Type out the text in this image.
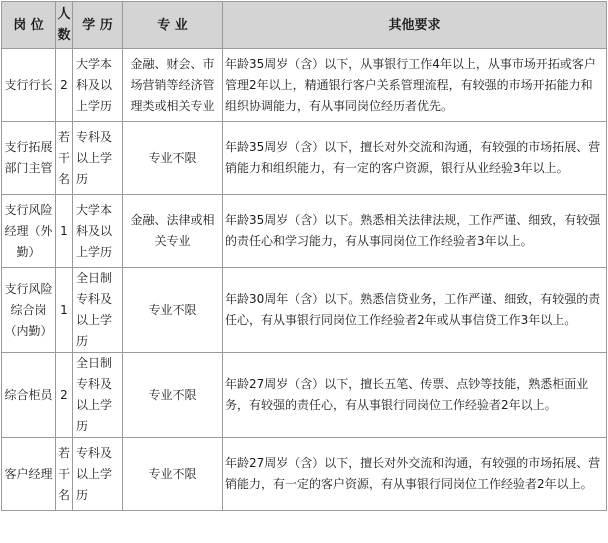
岗 位	人数	学 历	专 业	其他要求
支行行长	2	大学本科及以上学历	金融、财会、市场营销等经济管理类或相关专业	年龄35周岁（含）以下，从事银行工作4年以上，从事市场开拓或客户管理2年以上，精通银行客户关系管理流程，有较强的市场开拓能力和组织协调能力，有从事同岗位经历者优先。
支行拓展部门主管	若干名	专科及以上学历	专业不限	年龄35周岁（含）以下，擅长对外交流和沟通，有较强的市场拓展、营销能力和组织能力，有一定的客户资源，银行从业经验3年以上。
支行风险经理（外勤）	1	大学本科及以上学历	金融、法律或相关专业	年龄35周岁（含）以下。熟悉相关法律法规，工作严谨、细致，有较强的责任心和学习能力，有从事同岗位工作经验者3年以上。
支行风险综合岗（内勤）	1	全日制专科及以上学历	专业不限	年龄30周年（含）以下。熟悉信贷业务，工作严谨、细致，有较强的责任心，有从事银行同岗位工作经验者2年或从事信贷工作3年以上。
综合柜员	2	全日制专科及以上学历	专业不限	年龄27周岁（含）以下，擅长五笔、传票、点钞等技能，熟悉柜面业务，有较强的责任心，有从事银行同岗位工作经验者2年以上。
客户经理	若干名	专科及以上学历	专业不限	年龄27周岁（含）以下，擅长对外交流和沟通，有较强的市场拓展、营销能力，有一定的客户资源，有从事银行同岗位工作经验者2年以上。
